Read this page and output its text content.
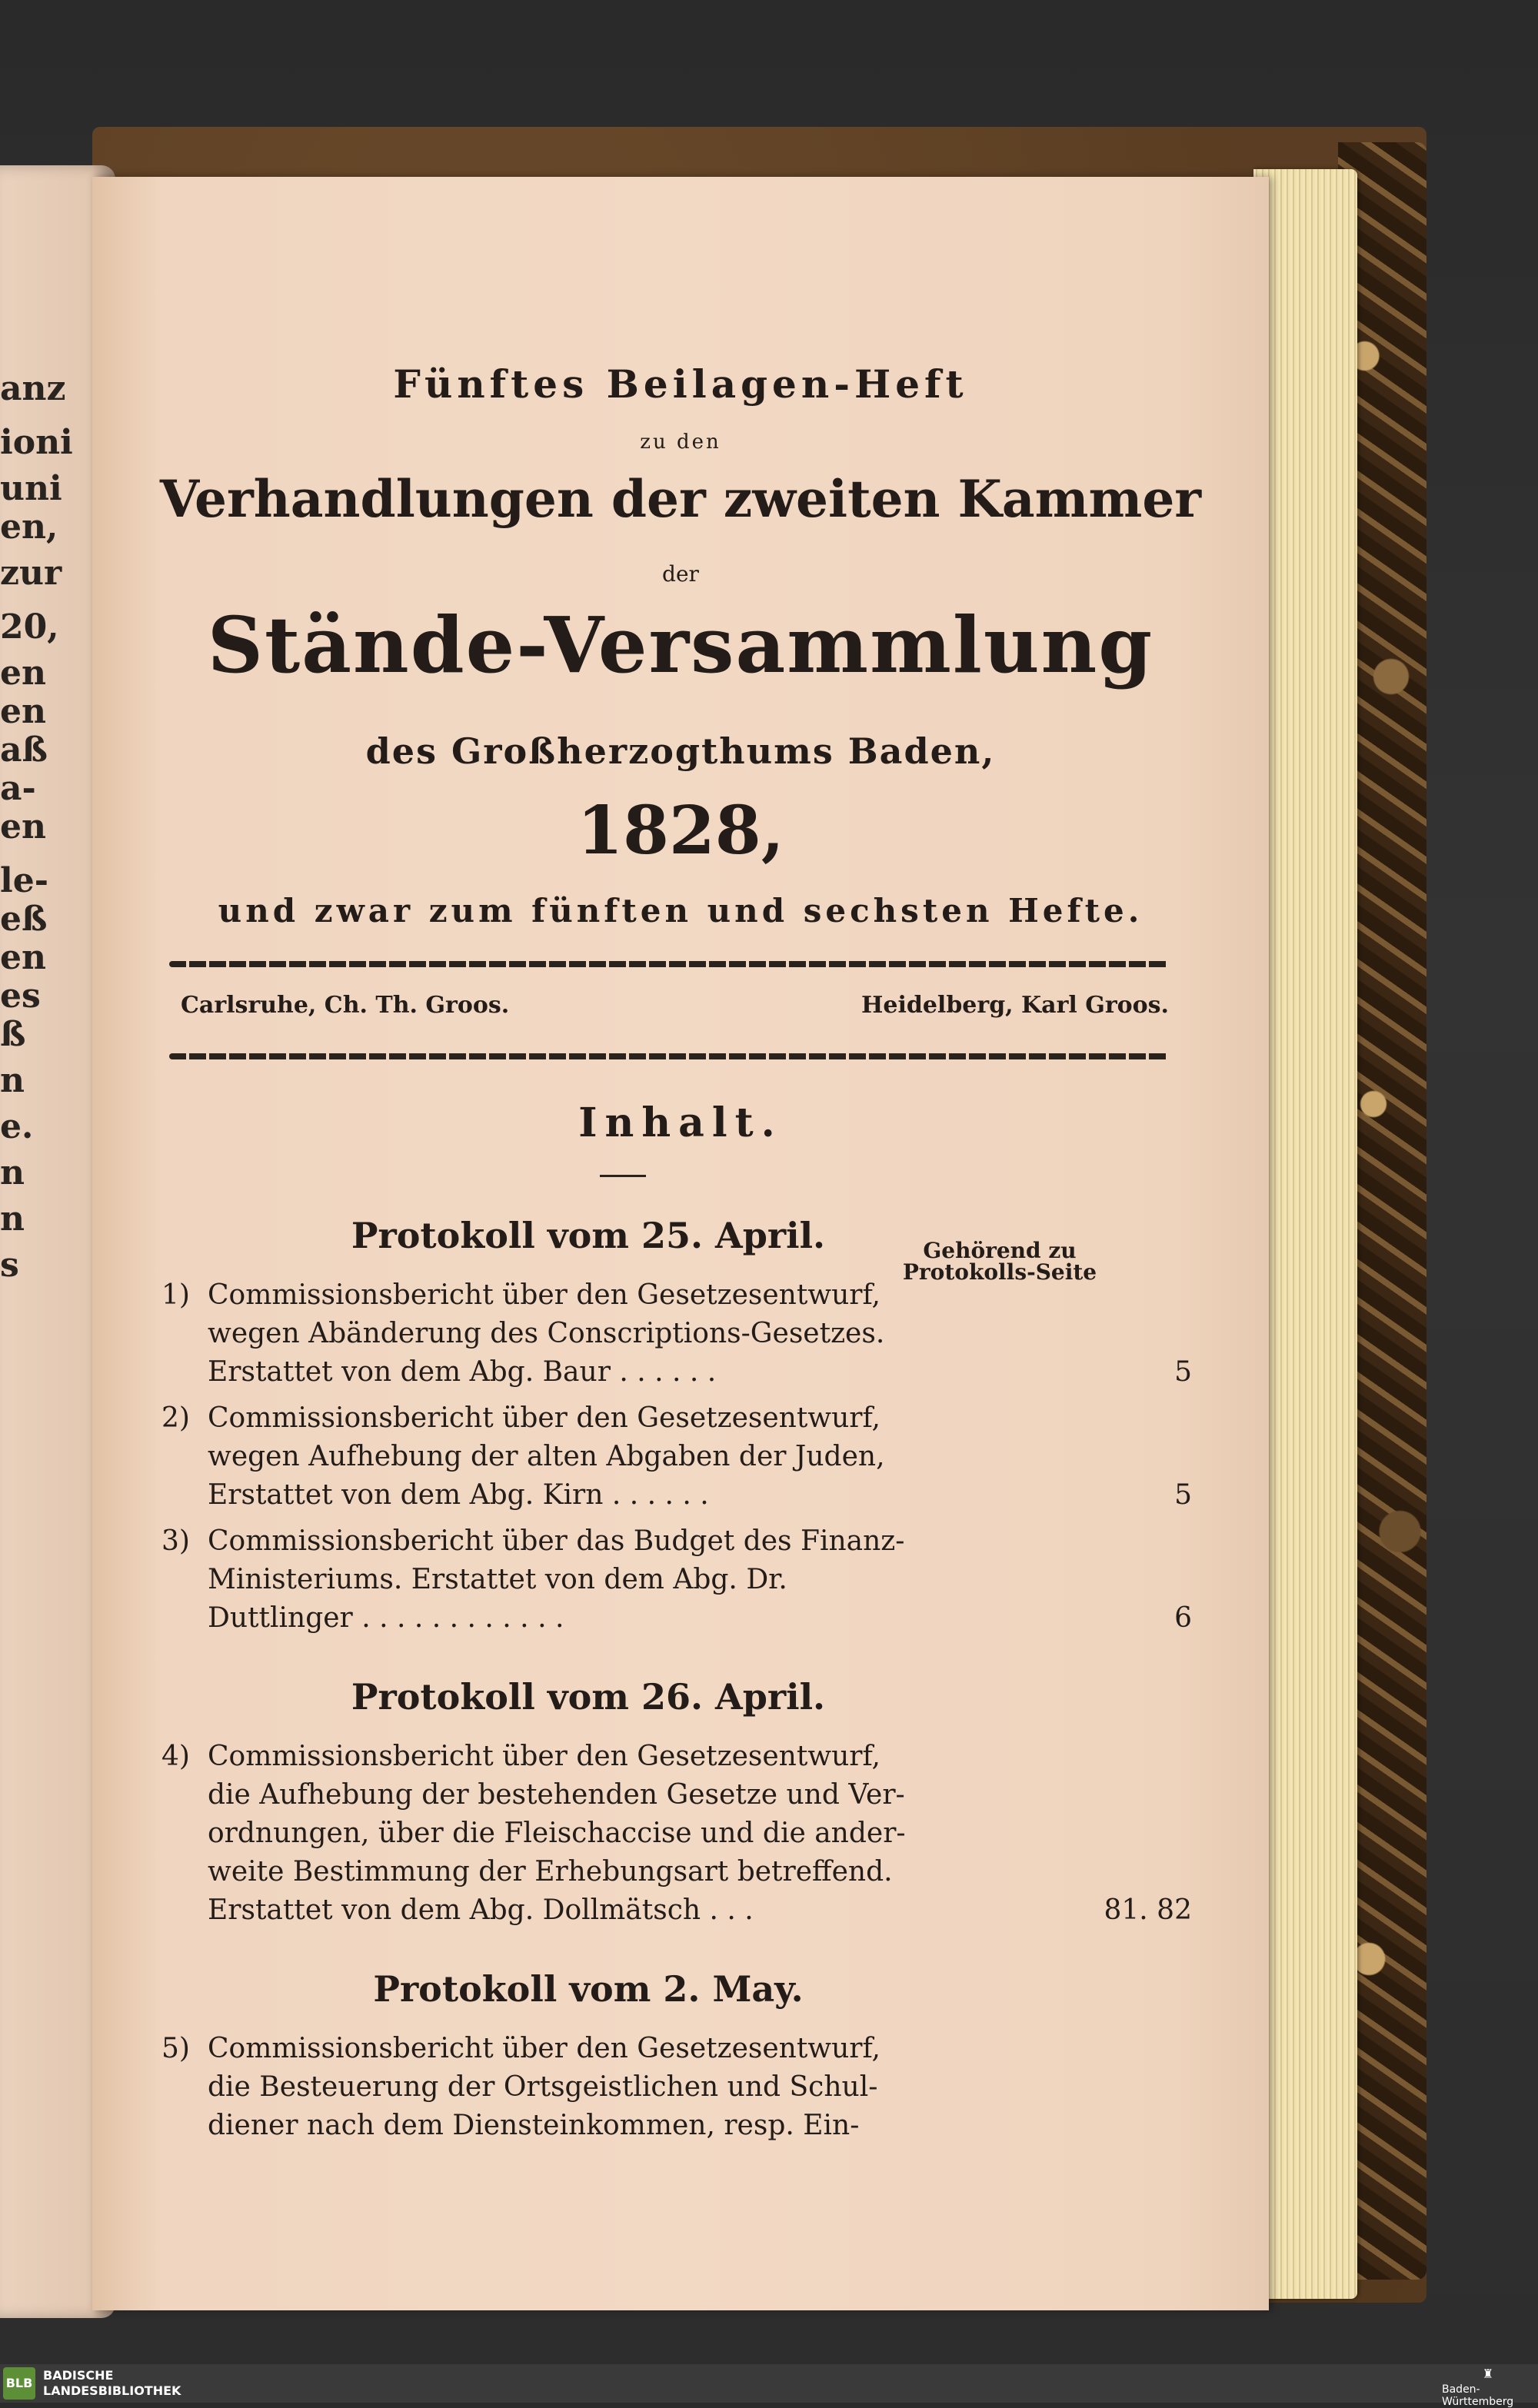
anz
ioni
uni
en,
zur
20,
en
en
aß
a-
en
le-
eß
en
es
ß
n
e.
n
n
s
Fünftes Beilagen-Heft
zu den
Verhandlungen der zweiten Kammer
der
Stände-Versammlung
des Großherzogthums Baden,
1828,
und zwar zum fünften und sechsten Hefte.
Carlsruhe, Ch. Th. Groos.	Heidelberg, Karl Groos.
Inhalt.
Gehörend zu
Protokolls-Seite
Protokoll vom 25. April.
1) Commissionsbericht über den Gesetzesentwurf,
wegen Abänderung des Conscriptions-Gesetzes.
Erstattet von dem Abg. Baur . . . . . .	5
2) Commissionsbericht über den Gesetzesentwurf,
wegen Aufhebung der alten Abgaben der Juden,
Erstattet von dem Abg. Kirn . . . . . .	5
3) Commissionsbericht über das Budget des Finanz-
Ministeriums. Erstattet von dem Abg. Dr.
Duttlinger . . . . . . . . . . . .	6
Protokoll vom 26. April.
4) Commissionsbericht über den Gesetzesentwurf,
die Aufhebung der bestehenden Gesetze und Ver-
ordnungen, über die Fleischaccise und die ander-
weite Bestimmung der Erhebungsart betreffend.
Erstattet von dem Abg. Dollmätsch . . .	81. 82
Protokoll vom 2. May.
5) Commissionsbericht über den Gesetzesentwurf,
die Besteuerung der Ortsgeistlichen und Schul-
diener nach dem Diensteinkommen, resp. Ein-
BLB
BADISCHE
LANDESBIBLIOTHEK
♜
Baden-Württemberg
